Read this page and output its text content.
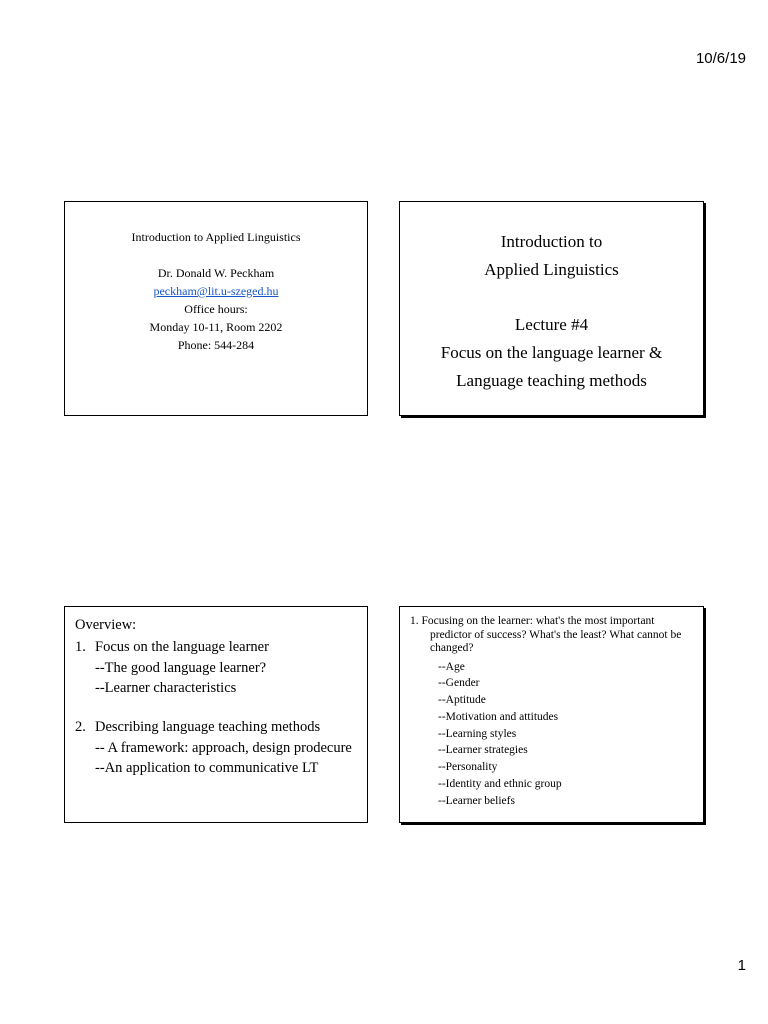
10/6/19
Introduction to Applied Linguistics
Dr. Donald W. Peckham
peckham@lit.u-szeged.hu
Office hours:
Monday 10-11, Room 2202
Phone: 544-284
Introduction to
Applied Linguistics
Lecture #4
Focus on the language learner &
Language teaching methods
Overview:
1. Focus on the language learner
--The good language learner?
--Learner characteristics
2. Describing language teaching methods
-- A framework: approach, design prodecure
--An application to communicative LT
1. Focusing on the learner: what's the most important predictor of success? What's the least? What cannot be changed?
--Age
--Gender
--Aptitude
--Motivation and attitudes
--Learning styles
--Learner strategies
--Personality
--Identity and ethnic group
--Learner beliefs
1
